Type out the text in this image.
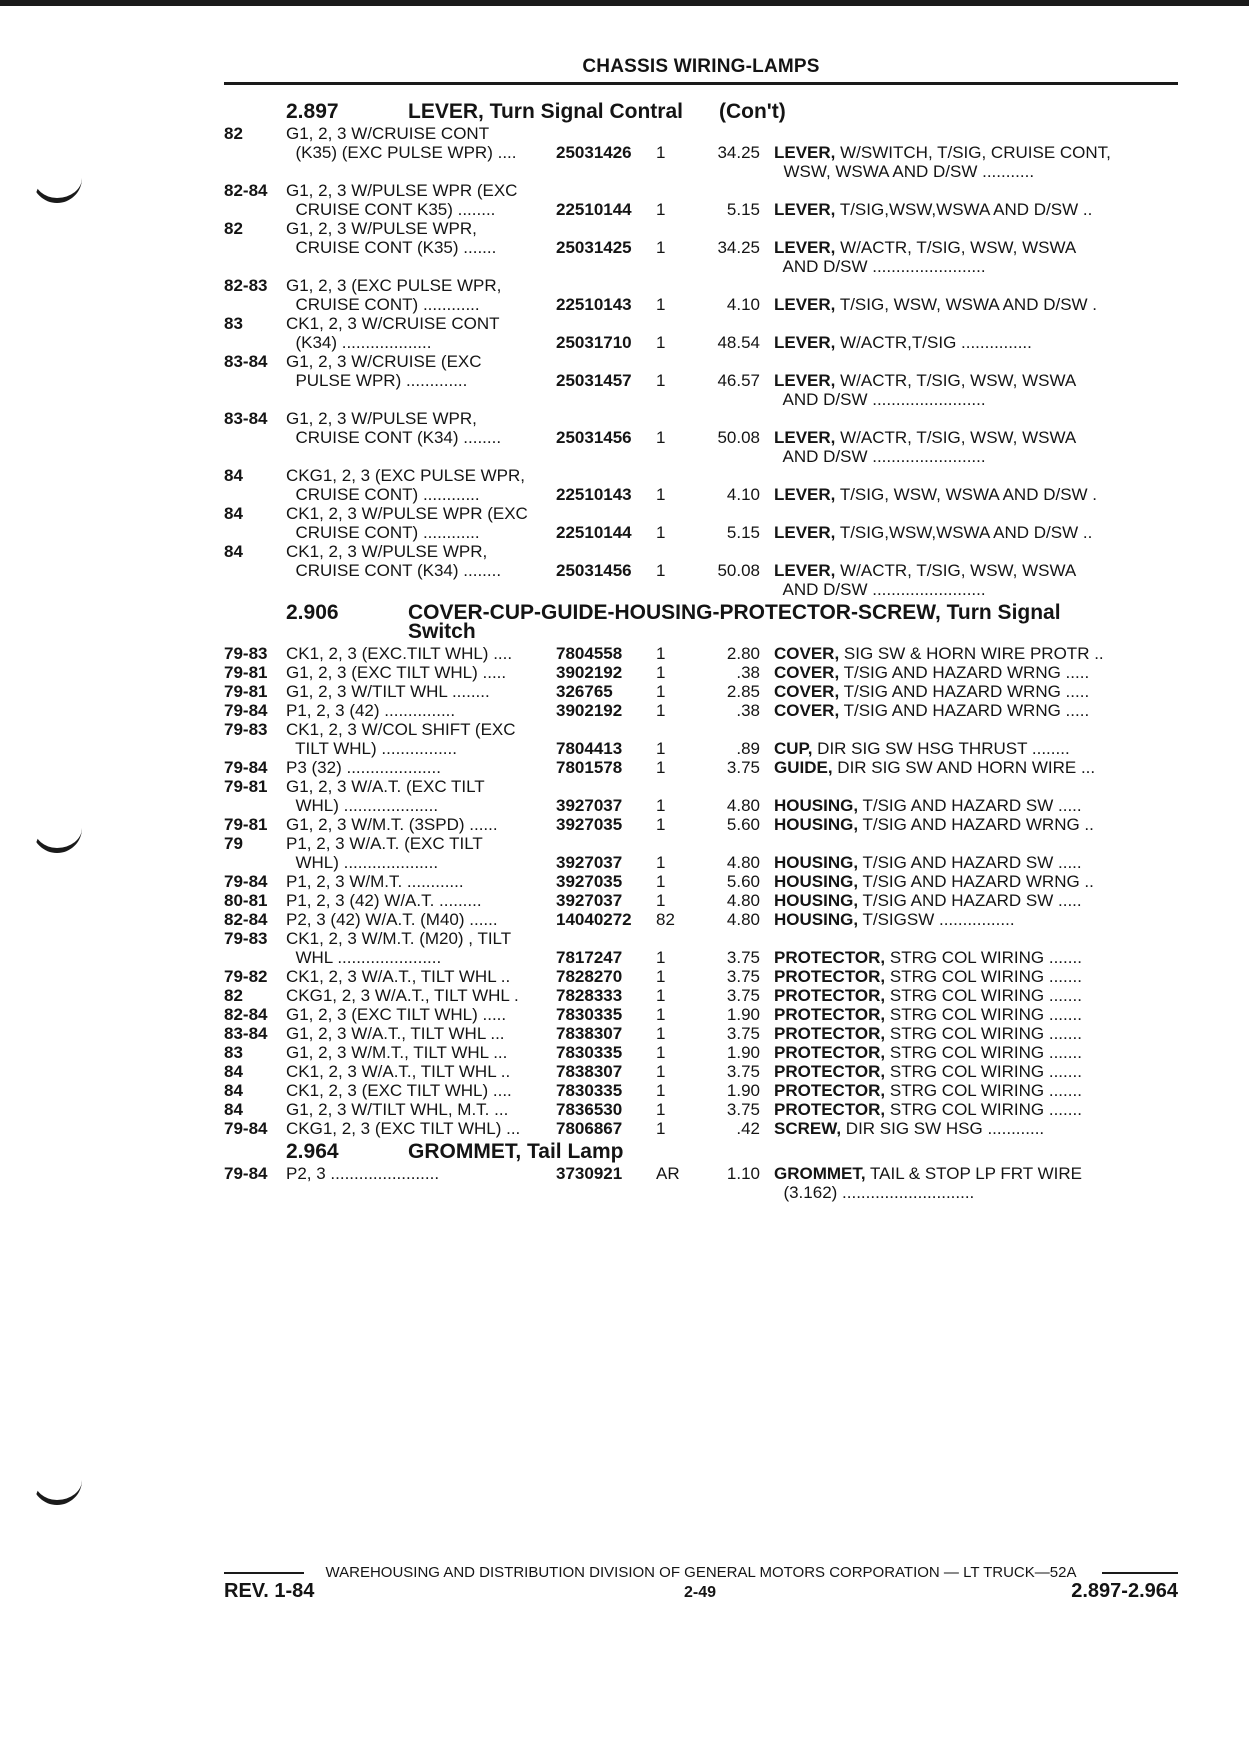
CHASSIS WIRING-LAMPS
2.897	LEVER, Turn Signal Contral (Con't)
82	G1, 2, 3 W/CRUISE CONT
(K35) (EXC PULSE WPR) ....	25031426	1	34.25 LEVER, W/SWITCH, T/SIG, CRUISE CONT,
WSW, WSWA AND D/SW ...........
82-84	G1, 2, 3 W/PULSE WPR (EXC
CRUISE CONT K35) ........	22510144	1	5.15 LEVER, T/SIG,WSW,WSWA AND D/SW ..
82	G1, 2, 3 W/PULSE WPR,
CRUISE CONT (K35) .......	25031425	1	34.25 LEVER, W/ACTR, T/SIG, WSW, WSWA
AND D/SW ........................
82-83	G1, 2, 3 (EXC PULSE WPR,
CRUISE CONT) ............	22510143	1	4.10 LEVER, T/SIG, WSW, WSWA AND D/SW .
83	CK1, 2, 3 W/CRUISE CONT
(K34) ...................	25031710	1	48.54 LEVER, W/ACTR,T/SIG ...............
83-84	G1, 2, 3 W/CRUISE (EXC
PULSE WPR) .............	25031457	1	46.57 LEVER, W/ACTR, T/SIG, WSW, WSWA
AND D/SW ........................
83-84	G1, 2, 3 W/PULSE WPR,
CRUISE CONT (K34) ........	25031456	1	50.08 LEVER, W/ACTR, T/SIG, WSW, WSWA
AND D/SW ........................
84	CKG1, 2, 3 (EXC PULSE WPR,
CRUISE CONT) ............	22510143	1	4.10 LEVER, T/SIG, WSW, WSWA AND D/SW .
84	CK1, 2, 3 W/PULSE WPR (EXC
CRUISE CONT) ............	22510144	1	5.15 LEVER, T/SIG,WSW,WSWA AND D/SW ..
84	CK1, 2, 3 W/PULSE WPR,
CRUISE CONT (K34) ........	25031456	1	50.08 LEVER, W/ACTR, T/SIG, WSW, WSWA
AND D/SW ........................
2.906	COVER-CUP-GUIDE-HOUSING-PROTECTOR-SCREW, Turn Signal
Switch
79-83	CK1, 2, 3 (EXC.TILT WHL) ....	7804558	1	2.80 COVER, SIG SW & HORN WIRE PROTR ..
79-81	G1, 2, 3 (EXC TILT WHL) .....	3902192	1	.38 COVER, T/SIG AND HAZARD WRNG .....
79-81	G1, 2, 3 W/TILT WHL ........	326765	1	2.85 COVER, T/SIG AND HAZARD WRNG .....
79-84	P1, 2, 3 (42) ...............	3902192	1	.38 COVER, T/SIG AND HAZARD WRNG .....
79-83	CK1, 2, 3 W/COL SHIFT (EXC
TILT WHL) ................	7804413	1	.89 CUP, DIR SIG SW HSG THRUST ........
79-84	P3 (32) ....................	7801578	1	3.75 GUIDE, DIR SIG SW AND HORN WIRE ...
79-81	G1, 2, 3 W/A.T. (EXC TILT
WHL) ....................	3927037	1	4.80 HOUSING, T/SIG AND HAZARD SW .....
79-81	G1, 2, 3 W/M.T. (3SPD) ......	3927035	1	5.60 HOUSING, T/SIG AND HAZARD WRNG ..
79	P1, 2, 3 W/A.T. (EXC TILT
WHL) ....................	3927037	1	4.80 HOUSING, T/SIG AND HAZARD SW .....
79-84	P1, 2, 3 W/M.T. ............	3927035	1	5.60 HOUSING, T/SIG AND HAZARD WRNG ..
80-81	P1, 2, 3 (42) W/A.T. .........	3927037	1	4.80 HOUSING, T/SIG AND HAZARD SW .....
82-84	P2, 3 (42) W/A.T. (M40) ......	14040272	82	4.80 HOUSING, T/SIGSW ................
79-83	CK1, 2, 3 W/M.T. (M20) , TILT
WHL ......................	7817247	1	3.75 PROTECTOR, STRG COL WIRING .......
79-82	CK1, 2, 3 W/A.T., TILT WHL ..	7828270	1	3.75 PROTECTOR, STRG COL WIRING .......
82	CKG1, 2, 3 W/A.T., TILT WHL .	7828333	1	3.75 PROTECTOR, STRG COL WIRING .......
82-84	G1, 2, 3 (EXC TILT WHL) .....	7830335	1	1.90 PROTECTOR, STRG COL WIRING .......
83-84	G1, 2, 3 W/A.T., TILT WHL ...	7838307	1	3.75 PROTECTOR, STRG COL WIRING .......
83	G1, 2, 3 W/M.T., TILT WHL ...	7830335	1	1.90 PROTECTOR, STRG COL WIRING .......
84	CK1, 2, 3 W/A.T., TILT WHL ..	7838307	1	3.75 PROTECTOR, STRG COL WIRING .......
84	CK1, 2, 3 (EXC TILT WHL) ....	7830335	1	1.90 PROTECTOR, STRG COL WIRING .......
84	G1, 2, 3 W/TILT WHL, M.T. ...	7836530	1	3.75 PROTECTOR, STRG COL WIRING .......
79-84	CKG1, 2, 3 (EXC TILT WHL) ...	7806867	1	.42 SCREW, DIR SIG SW HSG ............
2.964	GROMMET, Tail Lamp
79-84	P2, 3 .......................	3730921	AR	1.10 GROMMET, TAIL & STOP LP FRT WIRE
(3.162) ............................
WAREHOUSING AND DISTRIBUTION DIVISION OF GENERAL MOTORS CORPORATION — LT TRUCK—52A
REV. 1-84	2-49	2.897-2.964
